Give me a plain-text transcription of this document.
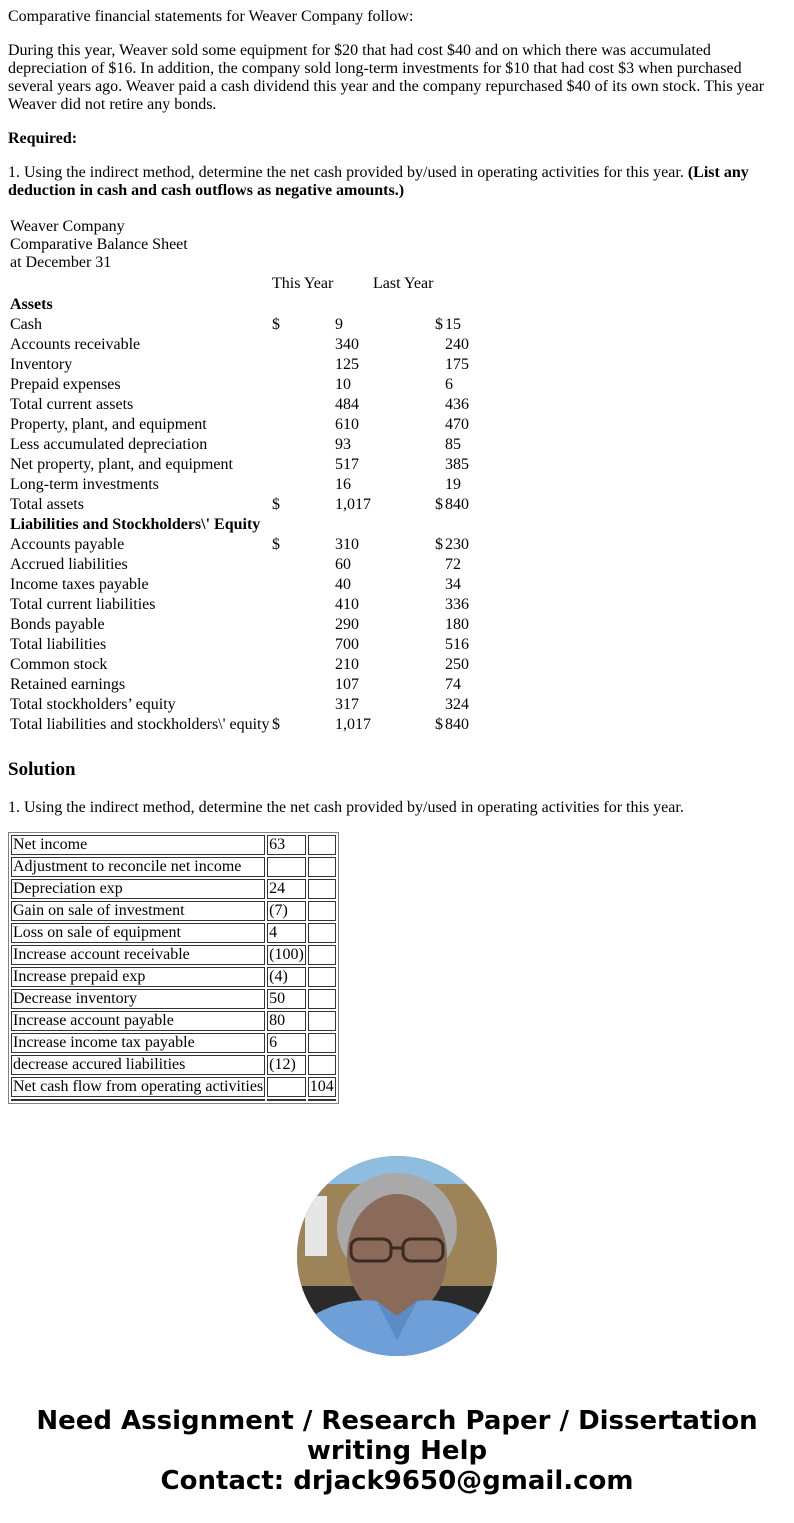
Comparative financial statements for Weaver Company follow:

During this year, Weaver sold some equipment for $20 that had cost $40 and on which there was accumulated depreciation of $16. In addition, the company sold long-term investments for $10 that had cost $3 when purchased several years ago. Weaver paid a cash dividend this year and the company repurchased $40 of its own stock. This year Weaver did not retire any bonds.

Required:

1. Using the indirect method, determine the net cash provided by/used in operating activities for this year. (List any deduction in cash and cash outflows as negative amounts.)

Weaver Company
Comparative Balance Sheet
at December 31
This Year Last Year
Assets
Cash	$	9	$ 15
Accounts receivable	340	240
Inventory	125	175
Prepaid expenses	10	6
Total current assets	484	436
Property, plant, and equipment	610	470
Less accumulated depreciation	93	85
Net property, plant, and equipment	517	385
Long-term investments	16	19
Total assets	$	1,017	$ 840
Liabilities and Stockholders\' Equity
Accounts payable	$	310	$ 230
Accrued liabilities	60	72
Income taxes payable	40	34
Total current liabilities	410	336
Bonds payable	290	180
Total liabilities	700	516
Common stock	210	250
Retained earnings	107	74
Total stockholders’ equity	317	324
Total liabilities and stockholders\' equity $	1,017	$ 840
Solution

1. Using the indirect method, determine the net cash provided by/used in operating activities for this year.

Net income	63	
Adjustment to reconcile net income		
Depreciation exp	24	
Gain on sale of investment	(7)	
Loss on sale of equipment	4	
Increase account receivable	(100)	
Increase prepaid exp	(4)	
Decrease inventory	50	
Increase account payable	80	
Increase income tax payable	6	
decrease accured liabilities	(12)	
Net cash flow from operating activities		104

Need Assignment / Research Paper / Dissertation writing Help
Contact: drjack9650@gmail.com
